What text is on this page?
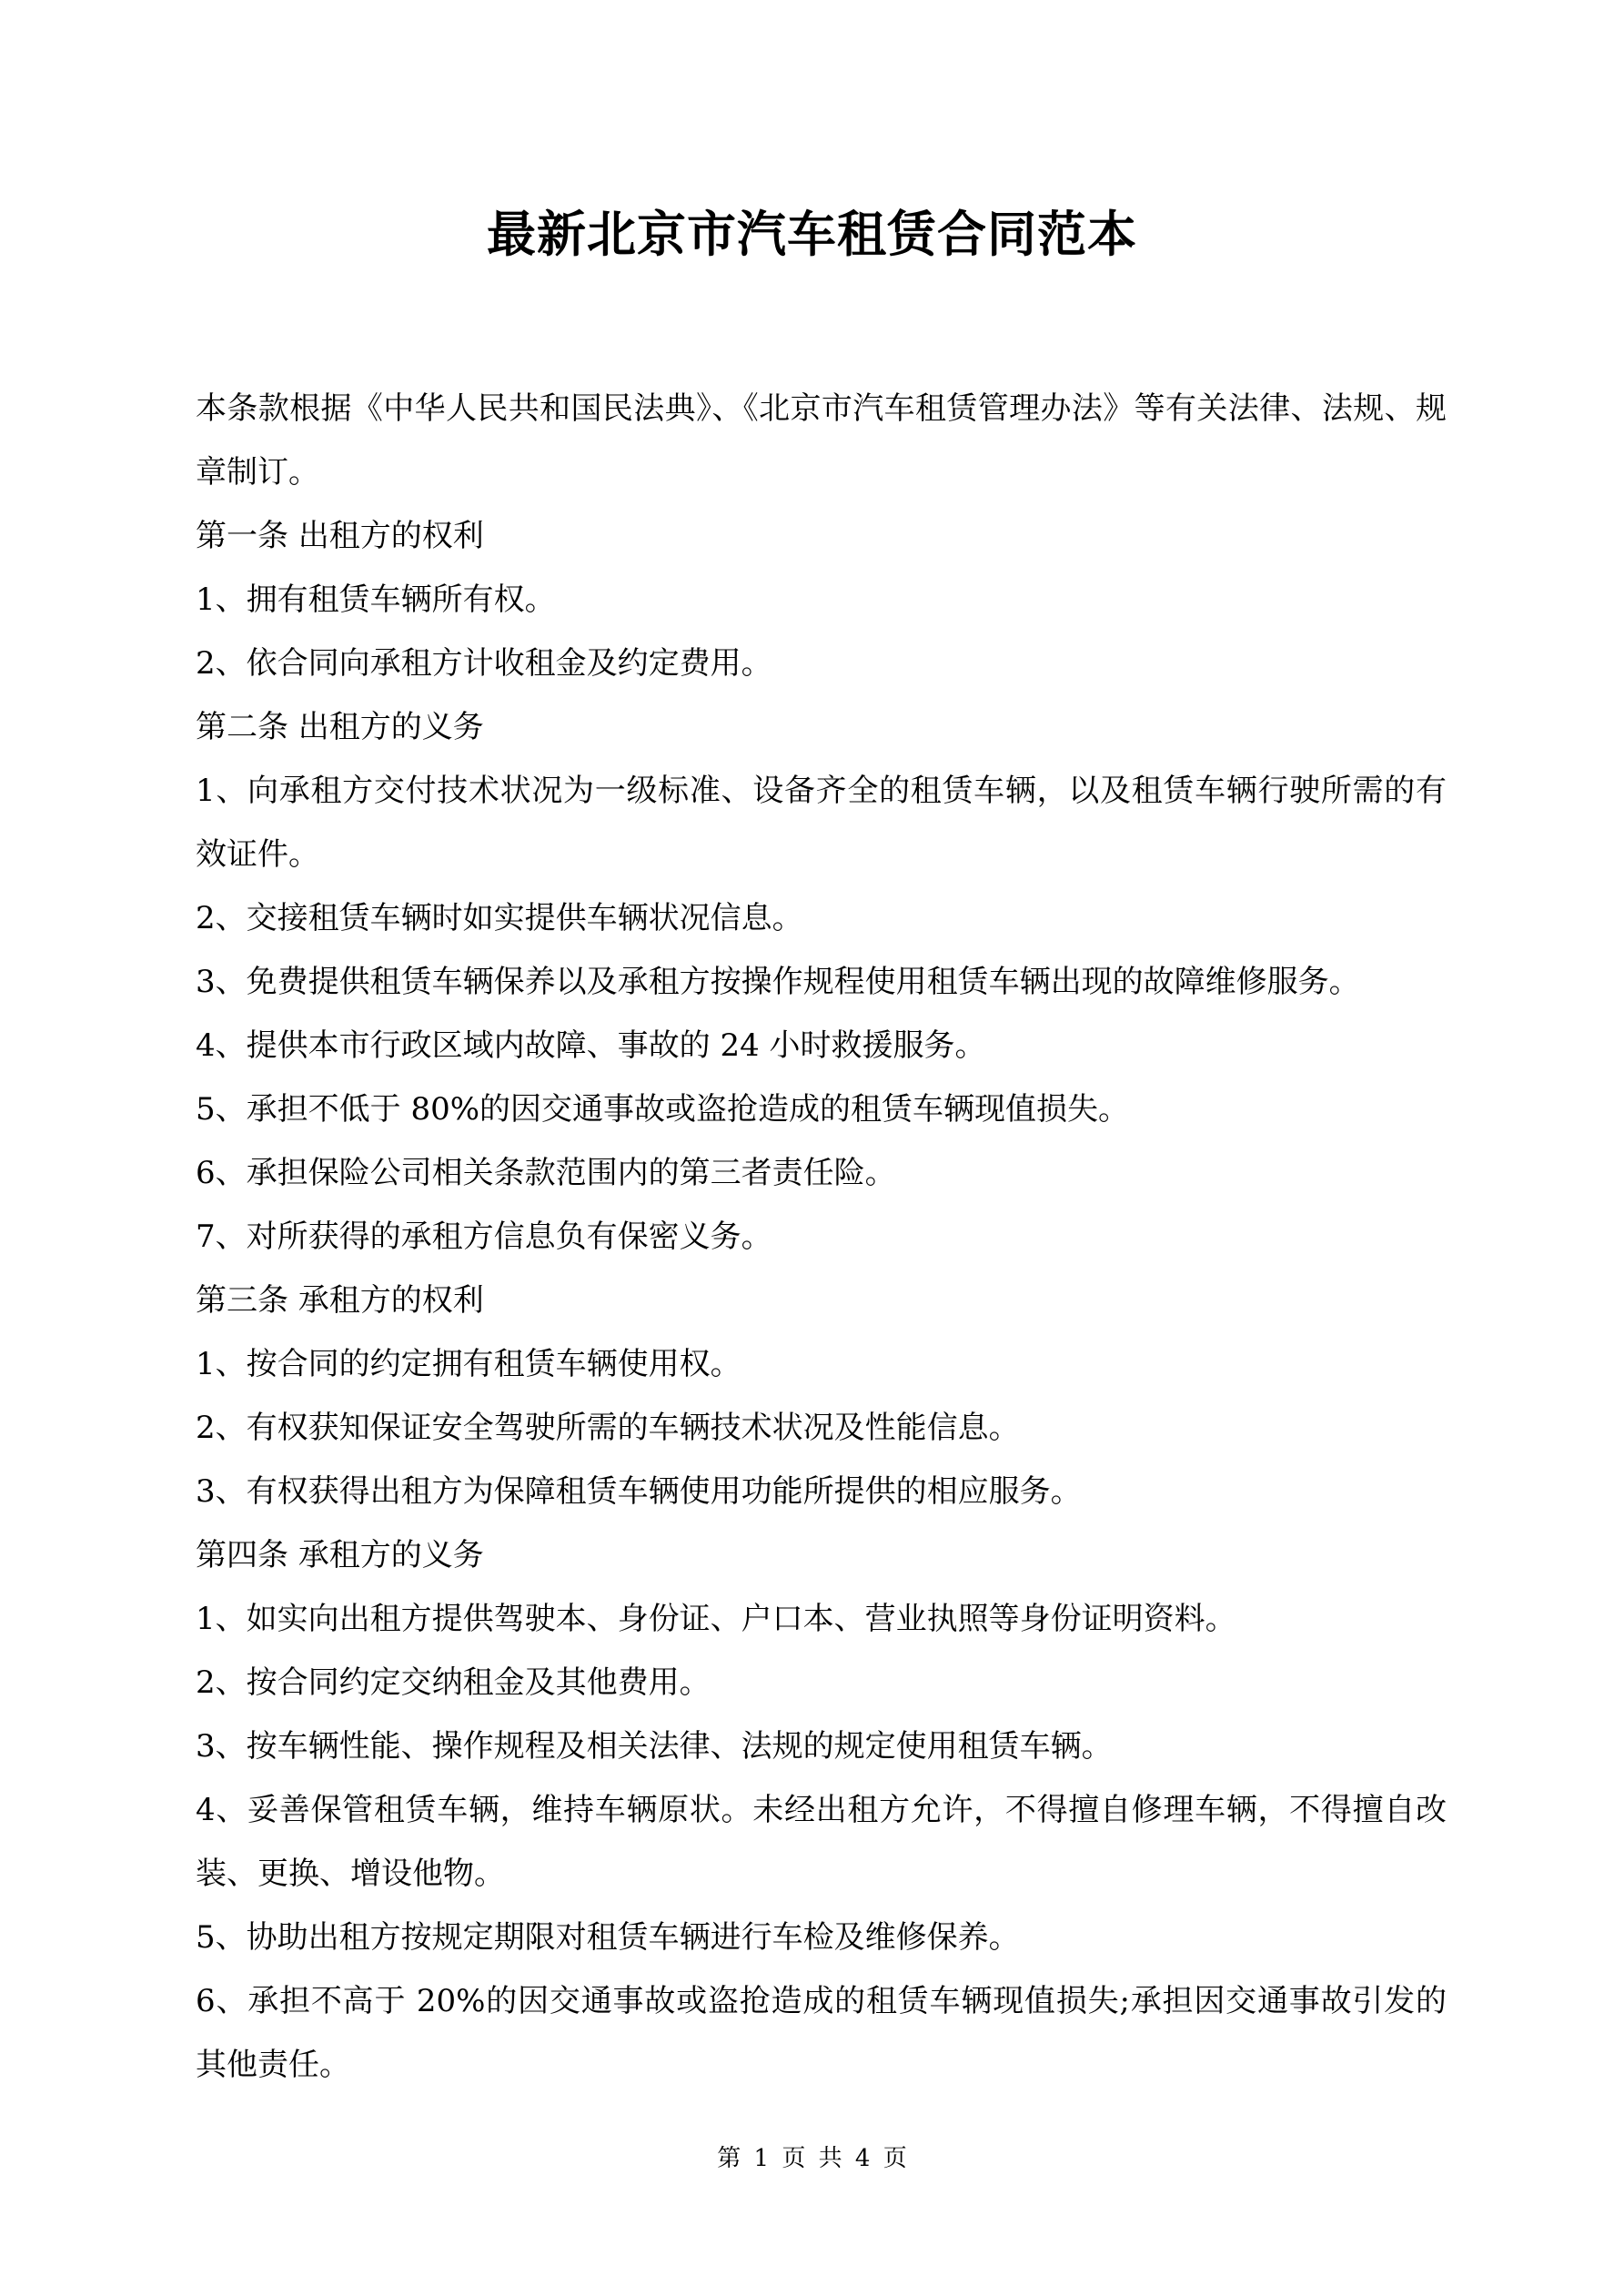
最新北京市汽车租赁合同范本

本条款根据《中华人民共和国民法典》、《北京市汽车租赁管理办法》等有关法律、法规、规章制订。

第一条 出租方的权利

1、拥有租赁车辆所有权。

2、依合同向承租方计收租金及约定费用。

第二条 出租方的义务

1、向承租方交付技术状况为一级标准、设备齐全的租赁车辆，以及租赁车辆行驶所需的有效证件。

2、交接租赁车辆时如实提供车辆状况信息。

3、免费提供租赁车辆保养以及承租方按操作规程使用租赁车辆出现的故障维修服务。

4、提供本市行政区域内故障、事故的 24 小时救援服务。

5、承担不低于 80%的因交通事故或盗抢造成的租赁车辆现值损失。

6、承担保险公司相关条款范围内的第三者责任险。

7、对所获得的承租方信息负有保密义务。

第三条 承租方的权利

1、按合同的约定拥有租赁车辆使用权。

2、有权获知保证安全驾驶所需的车辆技术状况及性能信息。

3、有权获得出租方为保障租赁车辆使用功能所提供的相应服务。

第四条 承租方的义务

1、如实向出租方提供驾驶本、身份证、户口本、营业执照等身份证明资料。

2、按合同约定交纳租金及其他费用。

3、按车辆性能、操作规程及相关法律、法规的规定使用租赁车辆。

4、妥善保管租赁车辆，维持车辆原状。未经出租方允许，不得擅自修理车辆，不得擅自改装、更换、增设他物。

5、协助出租方按规定期限对租赁车辆进行车检及维修保养。

6、承担不高于 20%的因交通事故或盗抢造成的租赁车辆现值损失;承担因交通事故引发的其他责任。

第 1 页 共 4 页
